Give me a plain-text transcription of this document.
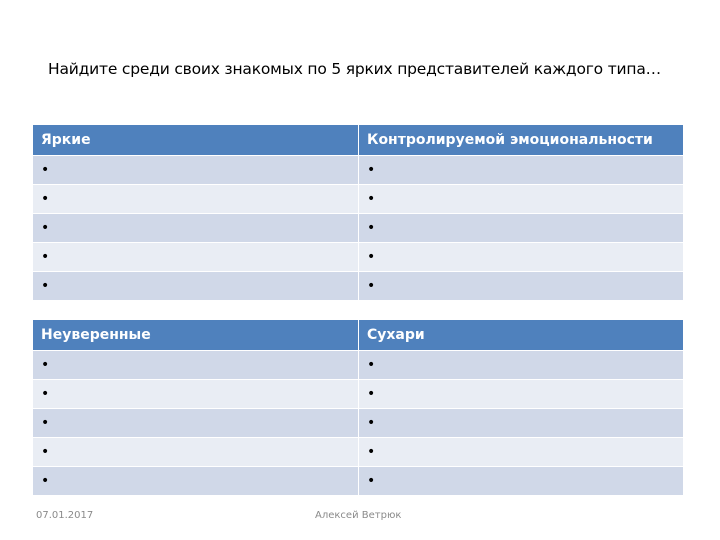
Найдите среди своих знакомых по 5 ярких представителей каждого типа…
Яркие	Контролируемой эмоциональности
•	•
•	•
•	•
•	•
•	•
Неуверенные	Сухари
•	•
•	•
•	•
•	•
•	•
07.01.2017	Алексей Ветрюк
